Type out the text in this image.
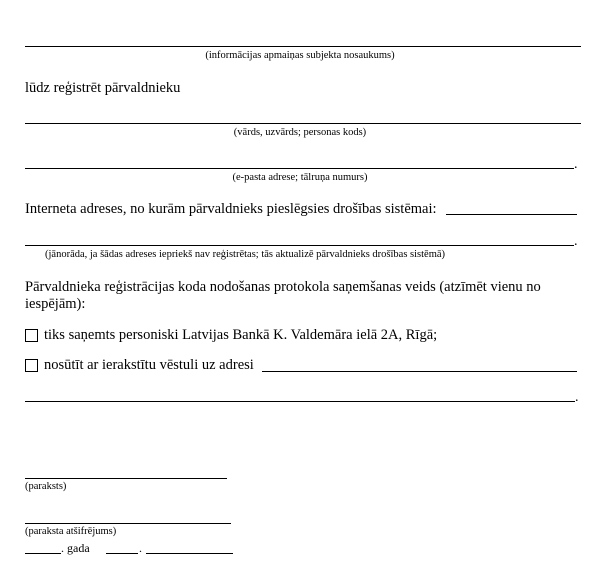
(informācijas apmaiņas subjekta nosaukums)
lūdz reģistrēt pārvaldnieku
(vārds, uzvārds; personas kods)
.
(e-pasta adrese; tālruņa numurs)
Interneta adreses, no kurām pārvaldnieks pieslēgsies drošības sistēmai:
.
(jānorāda, ja šādas adreses iepriekš nav reģistrētas; tās aktualizē pārvaldnieks drošības sistēmā)
Pārvaldnieka reģistrācijas koda nodošanas protokola saņemšanas veids (atzīmēt vienu no iespējām):
tiks saņemts personiski Latvijas Bankā K. Valdemāra ielā 2A, Rīgā;
nosūtīt ar ierakstītu vēstuli uz adresi
.
(paraksts)
(paraksta atšifrējums)
. gada	.
